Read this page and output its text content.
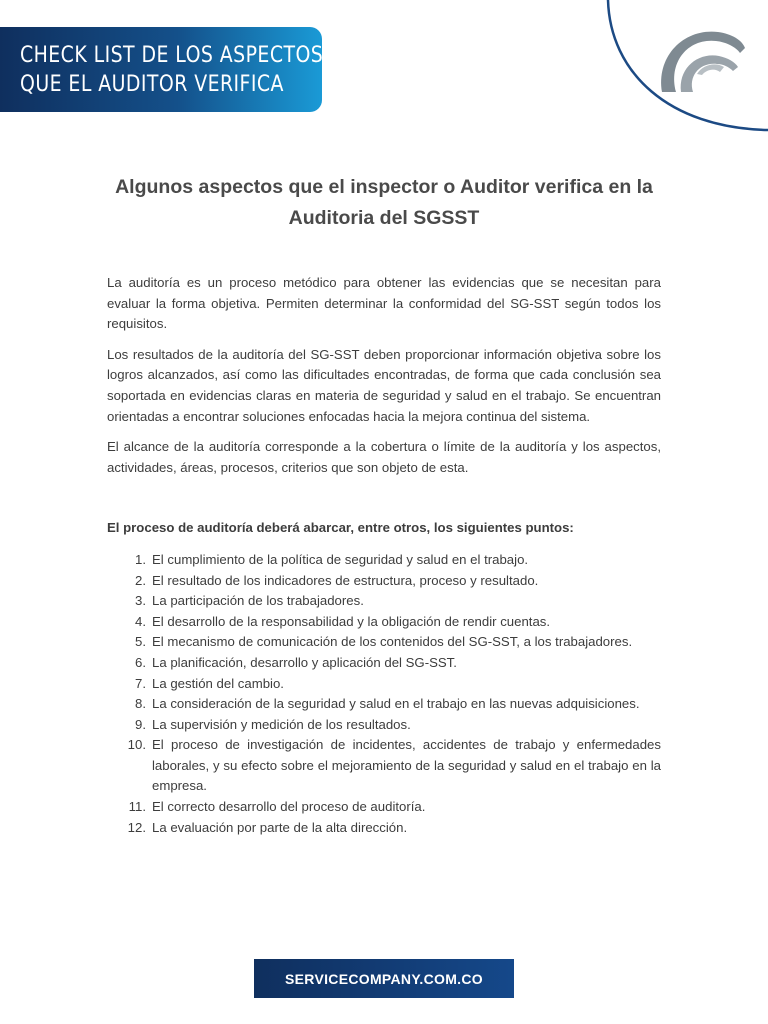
CHECK LIST DE LOS ASPECTOS
QUE EL AUDITOR VERIFICA
Algunos aspectos que el inspector o Auditor verifica en la
Auditoria del SGSST

La auditoría es un proceso metódico para obtener las evidencias que se necesitan para evaluar la forma objetiva. Permiten determinar la conformidad del SG-SST según todos los requisitos.

Los resultados de la auditoría del SG-SST deben proporcionar información objetiva sobre los logros alcanzados, así como las dificultades encontradas, de forma que cada conclusión sea soportada en evidencias claras en materia de seguridad y salud en el trabajo. Se encuentran orientadas a encontrar soluciones enfocadas hacia la mejora continua del sistema.

El alcance de la auditoría corresponde a la cobertura o límite de la auditoría y los aspectos, actividades, áreas, procesos, criterios que son objeto de esta.

El proceso de auditoría deberá abarcar, entre otros, los siguientes puntos:

1. El cumplimiento de la política de seguridad y salud en el trabajo.
2. El resultado de los indicadores de estructura, proceso y resultado.
3. La participación de los trabajadores.
4. El desarrollo de la responsabilidad y la obligación de rendir cuentas.
5. El mecanismo de comunicación de los contenidos del SG-SST, a los trabajadores.
6. La planificación, desarrollo y aplicación del SG-SST.
7. La gestión del cambio.
8. La consideración de la seguridad y salud en el trabajo en las nuevas adquisiciones.
9. La supervisión y medición de los resultados.
10. El proceso de investigación de incidentes, accidentes de trabajo y enfermedades laborales, y su efecto sobre el mejoramiento de la seguridad y salud en el trabajo en la empresa.
11. El correcto desarrollo del proceso de auditoría.
12. La evaluación por parte de la alta dirección.
SERVICECOMPANY.COM.CO
